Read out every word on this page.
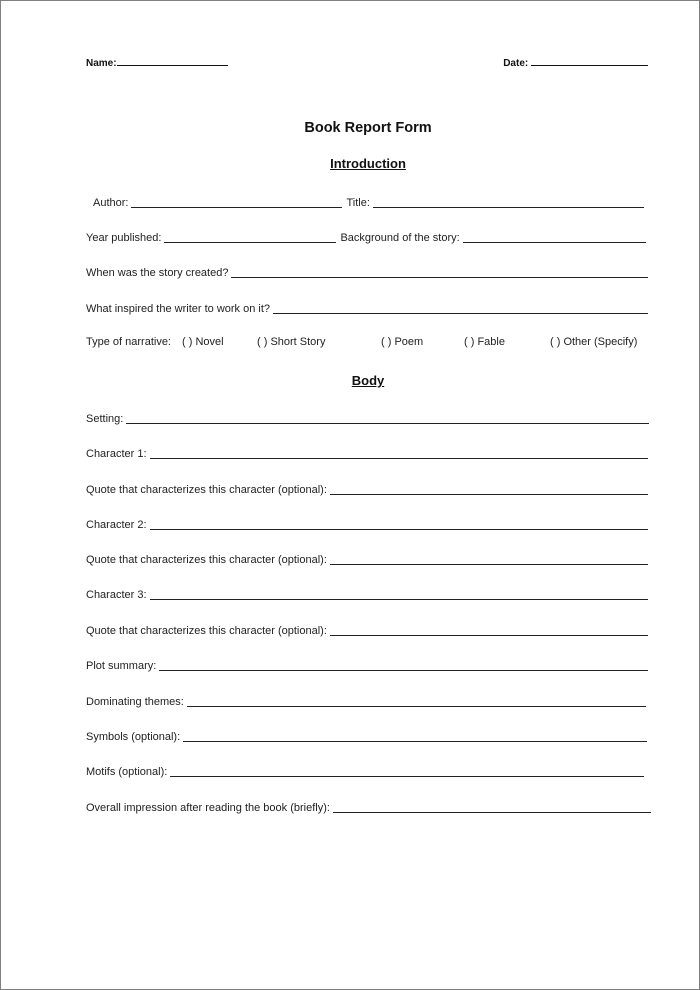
Name:	Date:
Book Report Form
Introduction
Author:	Title:
Year published:	Background of the story:
When was the story created?
What inspired the writer to work on it?
Type of narrative: ( ) Novel	( ) Short Story	( ) Poem	( ) Fable	( ) Other (Specify)
Body
Setting:
Character 1:
Quote that characterizes this character (optional):
Character 2:
Quote that characterizes this character (optional):
Character 3:
Quote that characterizes this character (optional):
Plot summary:
Dominating themes:
Symbols (optional):
Motifs (optional):
Overall impression after reading the book (briefly):
